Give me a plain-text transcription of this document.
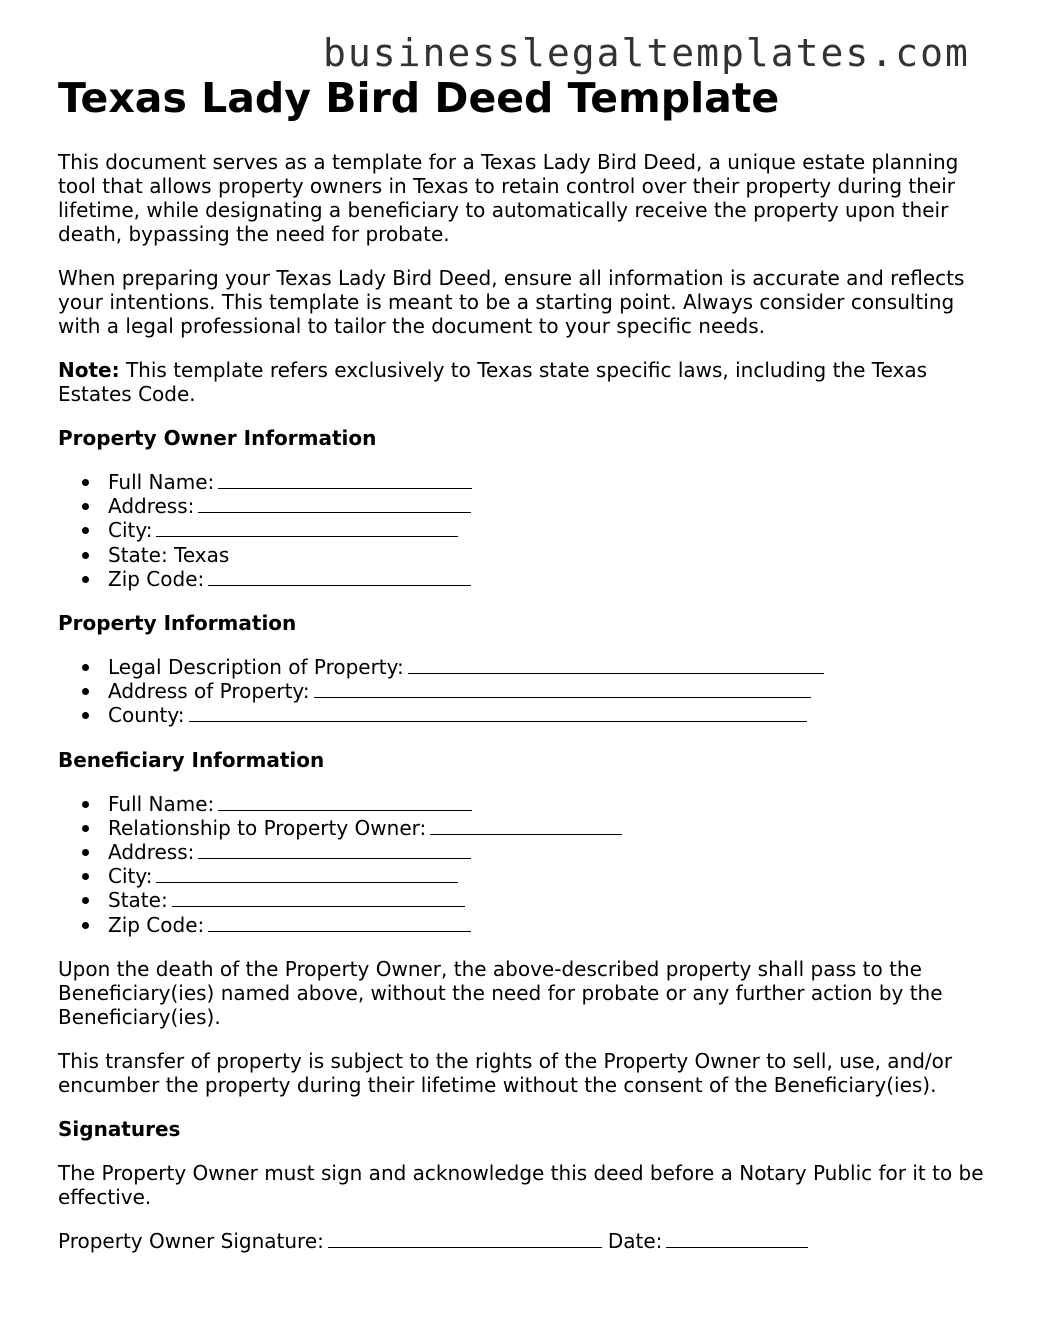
businesslegaltemplates.com
Texas Lady Bird Deed Template

This document serves as a template for a Texas Lady Bird Deed, a unique estate planning tool that allows property owners in Texas to retain control over their property during their lifetime, while designating a beneficiary to automatically receive the property upon their death, bypassing the need for probate.

When preparing your Texas Lady Bird Deed, ensure all information is accurate and reflects your intentions. This template is meant to be a starting point. Always consider consulting with a legal professional to tailor the document to your specific needs.

Note: This template refers exclusively to Texas state specific laws, including the Texas Estates Code.

Property Owner Information
Full Name:
Address:
City:
State: Texas
Zip Code:
Property Information
Legal Description of Property:
Address of Property:
County:
Beneficiary Information
Full Name:
Relationship to Property Owner:
Address:
City:
State:
Zip Code:

Upon the death of the Property Owner, the above-described property shall pass to the Beneficiary(ies) named above, without the need for probate or any further action by the Beneficiary(ies).

This transfer of property is subject to the rights of the Property Owner to sell, use, and/or encumber the property during their lifetime without the consent of the Beneficiary(ies).

Signatures

The Property Owner must sign and acknowledge this deed before a Notary Public for it to be effective.

Property Owner Signature:	Date:
